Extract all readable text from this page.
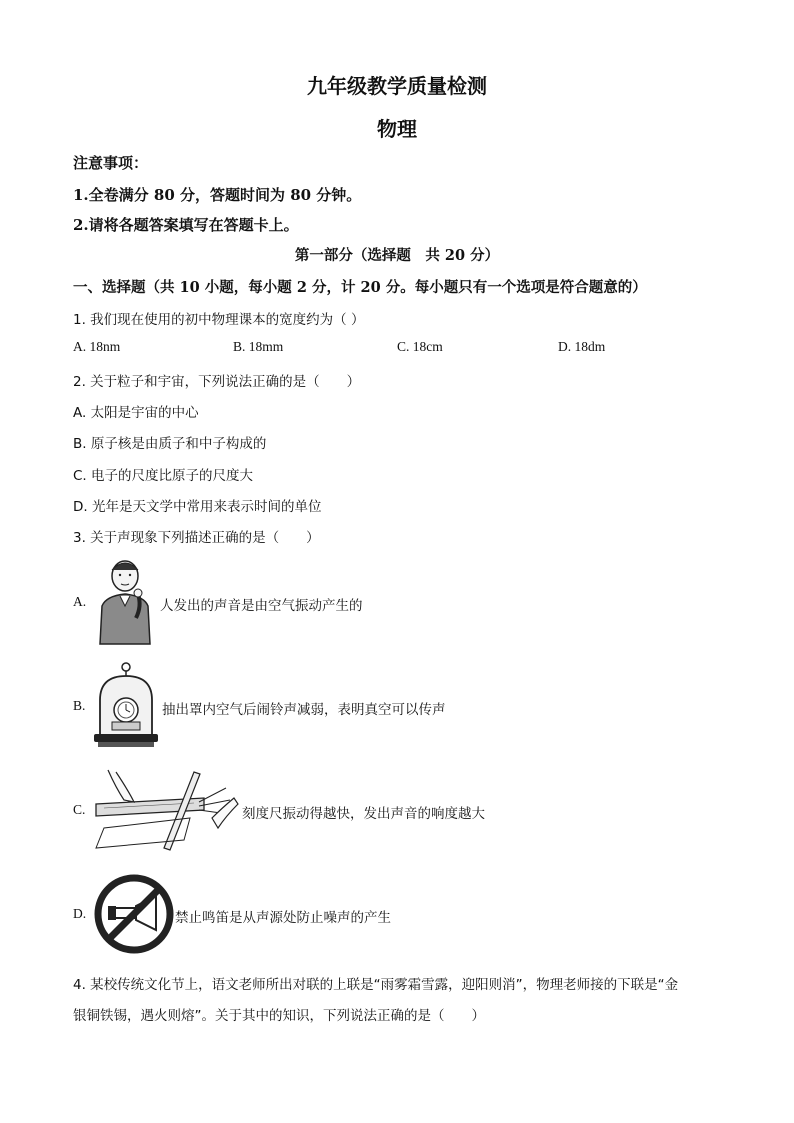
九年级教学质量检测
物理
注意事项：
1.全卷满分 80 分，答题时间为 80 分钟。
2.请将各题答案填写在答题卡上。
第一部分（选择题　共 20 分）
一、选择题（共 10 小题，每小题 2 分，计 20 分。每小题只有一个选项是符合题意的）
1. 我们现在使用的初中物理课本的宽度约为（ ）
A. 18nm	B. 18mm	C. 18cm	D. 18dm
2. 关于粒子和宇宙，下列说法正确的是（　　）
A. 太阳是宇宙的中心
B. 原子核是由质子和中子构成的
C. 电子的尺度比原子的尺度大
D. 光年是天文学中常用来表示时间的单位
3. 关于声现象下列描述正确的是（　　）
A.	人发出的声音是由空气振动产生的
B.	抽出罩内空气后闹铃声减弱，表明真空可以传声
C.	刻度尺振动得越快，发出声音的响度越大
D.	禁止鸣笛是从声源处防止噪声的产生
4. 某校传统文化节上，语文老师所出对联的上联是“雨雾霜雪露，迎阳则消”，物理老师接的下联是“金
银铜铁锡，遇火则熔”。关于其中的知识，下列说法正确的是（　　）
